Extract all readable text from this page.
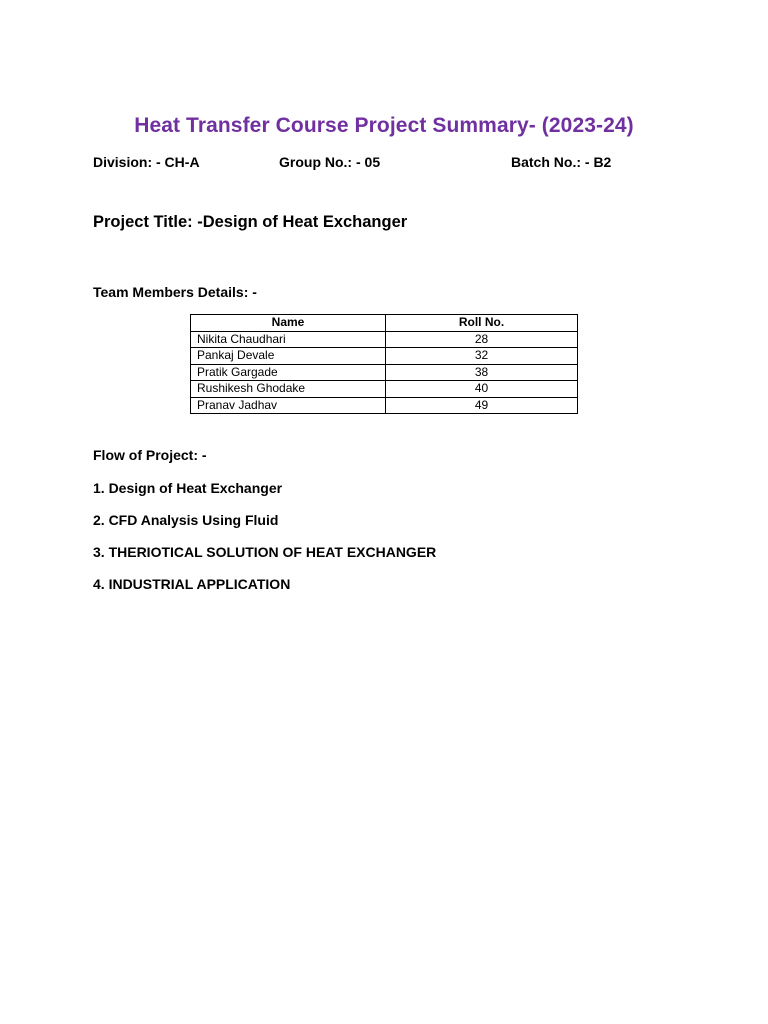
Heat Transfer Course Project Summary- (2023-24)
Division: - CH-A	Group No.: - 05	Batch No.: - B2
Project Title: -Design of Heat Exchanger
Team Members Details: -
Name	Roll No.
Nikita Chaudhari	28
Pankaj Devale	32
Pratik Gargade	38
Rushikesh Ghodake	40
Pranav Jadhav	49
Flow of Project: -
1. Design of Heat Exchanger
2. CFD Analysis Using Fluid
3. THERIOTICAL SOLUTION OF HEAT EXCHANGER
4. INDUSTRIAL APPLICATION
